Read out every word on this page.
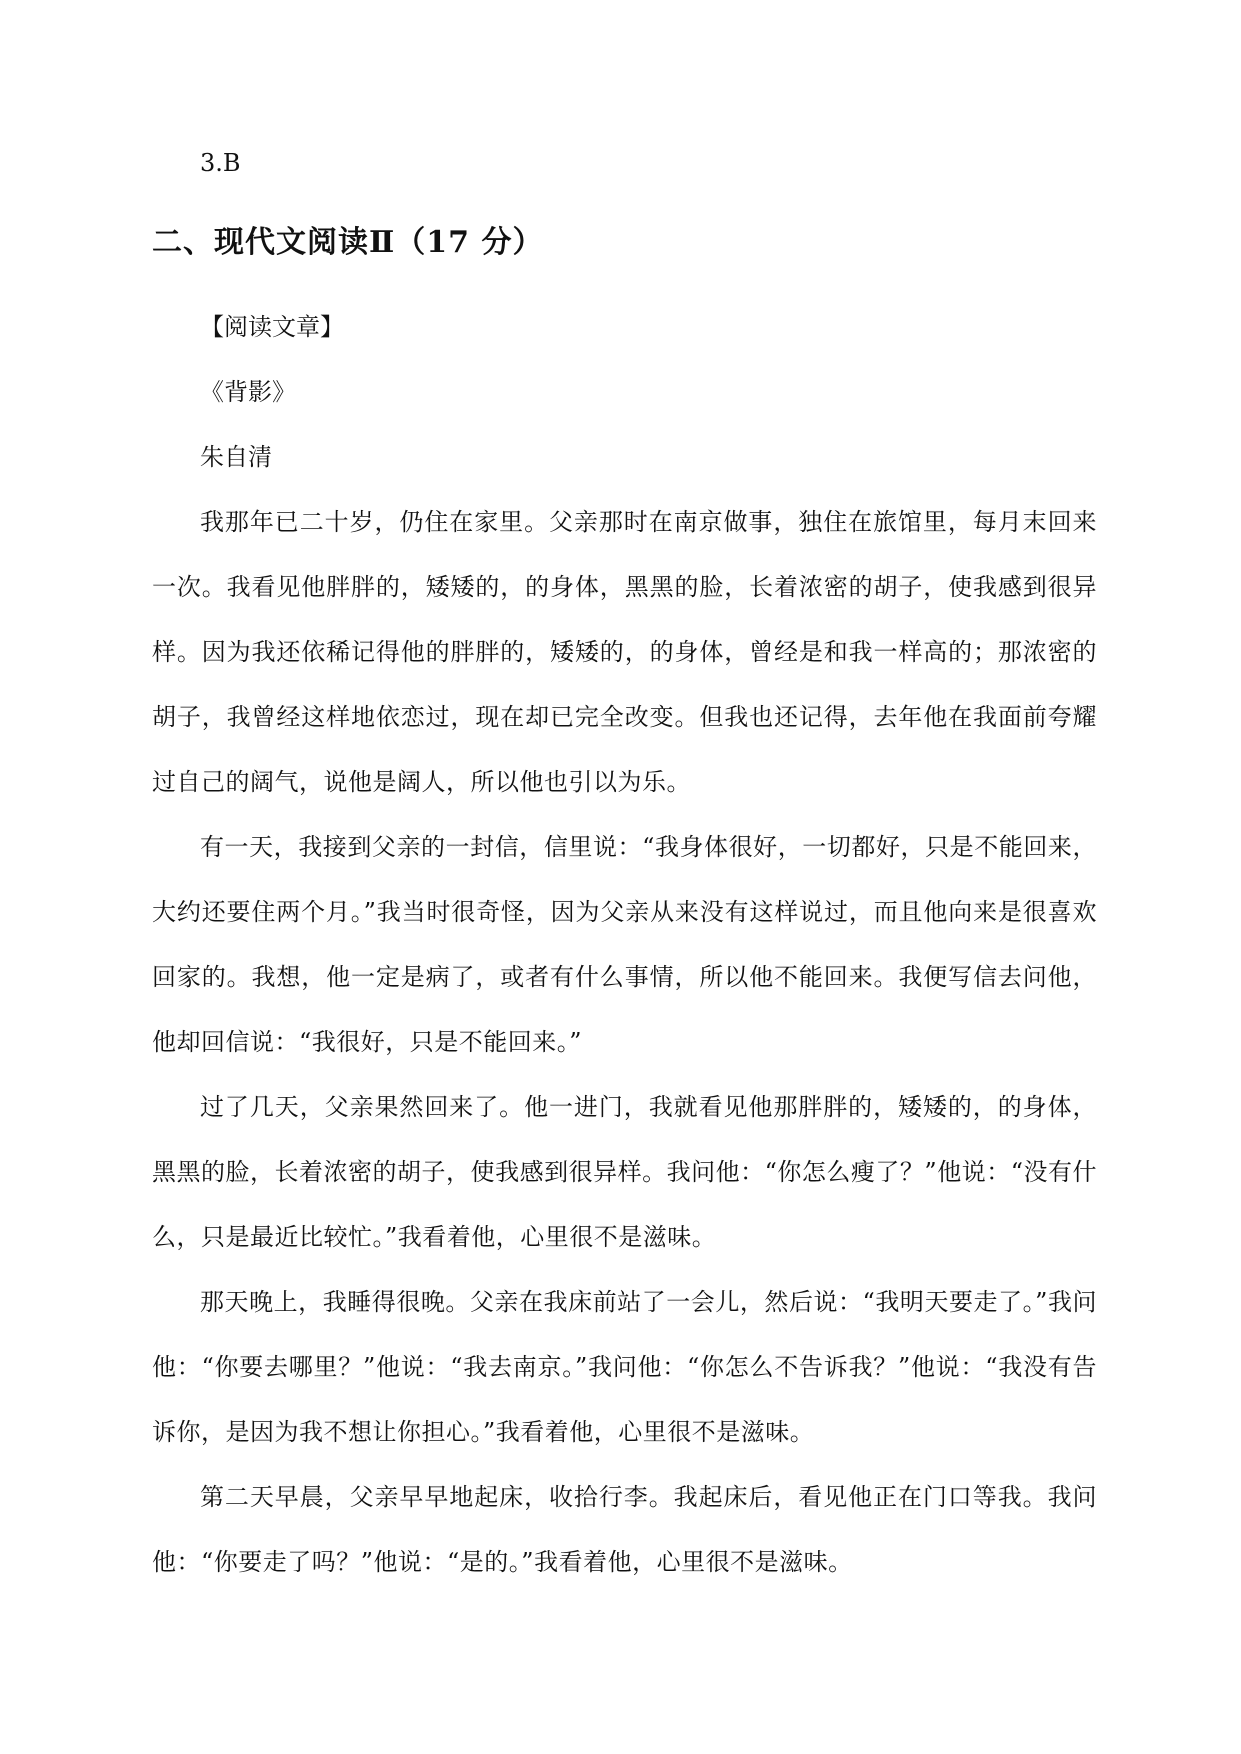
3.B
二、现代文阅读Ⅱ（17 分）
【阅读文章】
《背影》
朱自清

我那年已二十岁，仍住在家里。父亲那时在南京做事，独住在旅馆里，每月末回来一次。我看见他胖胖的，矮矮的，的身体，黑黑的脸，长着浓密的胡子，使我感到很异样。因为我还依稀记得他的胖胖的，矮矮的，的身体，曾经是和我一样高的；那浓密的胡子，我曾经这样地依恋过，现在却已完全改变。但我也还记得，去年他在我面前夸耀过自己的阔气，说他是阔人，所以他也引以为乐。

有一天，我接到父亲的一封信，信里说：“我身体很好，一切都好，只是不能回来，大约还要住两个月。”我当时很奇怪，因为父亲从来没有这样说过，而且他向来是很喜欢回家的。我想，他一定是病了，或者有什么事情，所以他不能回来。我便写信去问他，他却回信说：“我很好，只是不能回来。”

过了几天，父亲果然回来了。他一进门，我就看见他那胖胖的，矮矮的，的身体，黑黑的脸，长着浓密的胡子，使我感到很异样。我问他：“你怎么瘦了？”他说：“没有什么，只是最近比较忙。”我看着他，心里很不是滋味。

那天晚上，我睡得很晚。父亲在我床前站了一会儿，然后说：“我明天要走了。”我问他：“你要去哪里？”他说：“我去南京。”我问他：“你怎么不告诉我？”他说：“我没有告诉你，是因为我不想让你担心。”我看着他，心里很不是滋味。

第二天早晨，父亲早早地起床，收拾行李。我起床后，看见他正在门口等我。我问他：“你要走了吗？”他说：“是的。”我看着他，心里很不是滋味。
